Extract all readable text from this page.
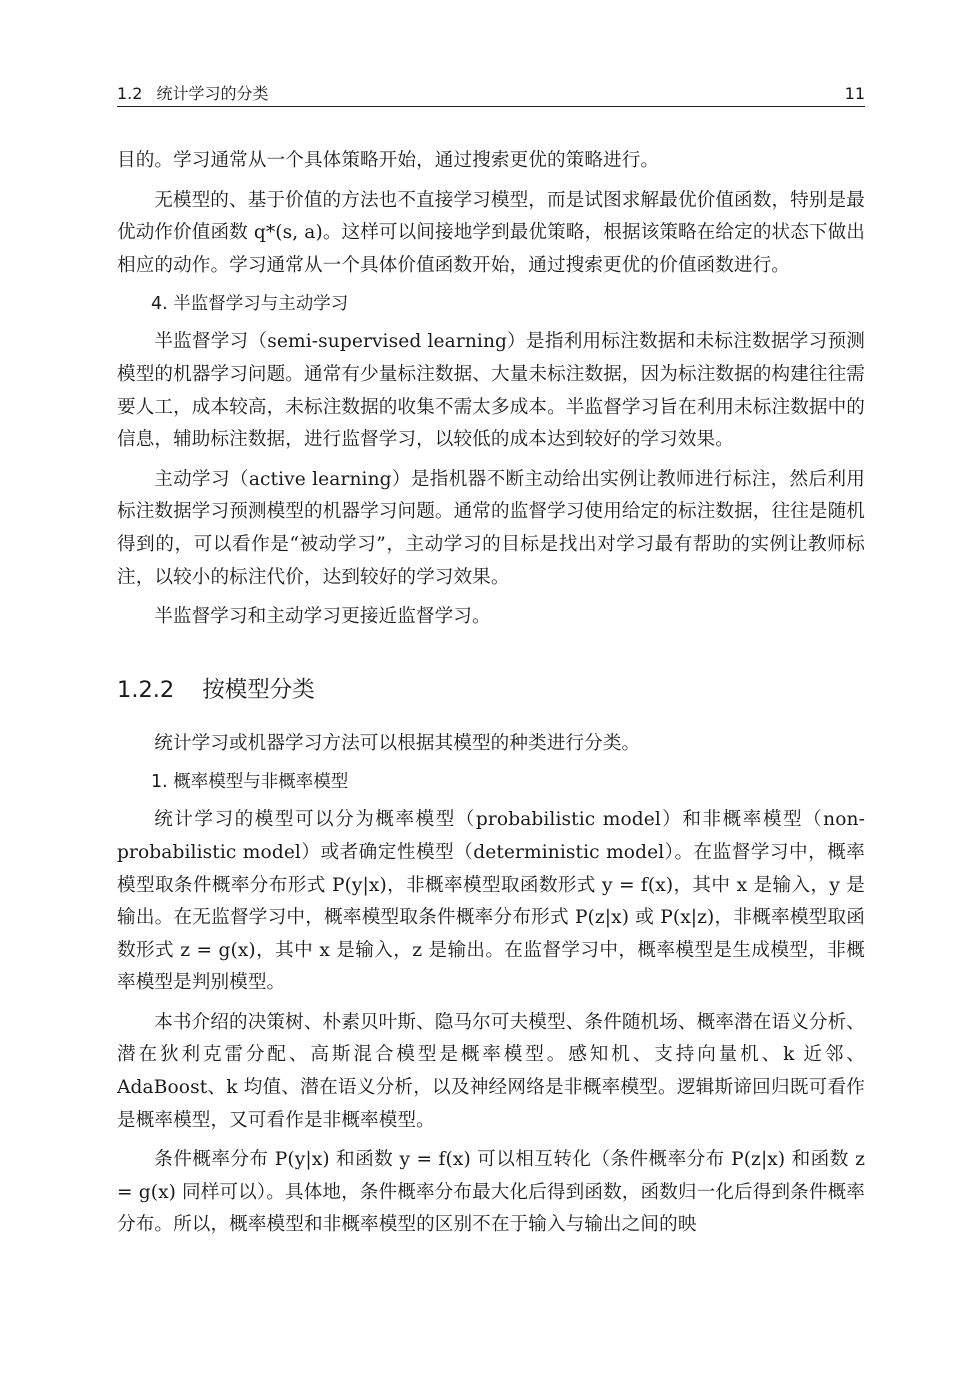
1.2 统计学习的分类	11

目的。学习通常从一个具体策略开始，通过搜索更优的策略进行。

无模型的、基于价值的方法也不直接学习模型，而是试图求解最优价值函数，特别是最优动作价值函数 q*(s, a)。这样可以间接地学到最优策略，根据该策略在给定的状态下做出相应的动作。学习通常从一个具体价值函数开始，通过搜索更优的价值函数进行。

4. 半监督学习与主动学习

半监督学习（semi-supervised learning）是指利用标注数据和未标注数据学习预测模型的机器学习问题。通常有少量标注数据、大量未标注数据，因为标注数据的构建往往需要人工，成本较高，未标注数据的收集不需太多成本。半监督学习旨在利用未标注数据中的信息，辅助标注数据，进行监督学习，以较低的成本达到较好的学习效果。

主动学习（active learning）是指机器不断主动给出实例让教师进行标注，然后利用标注数据学习预测模型的机器学习问题。通常的监督学习使用给定的标注数据，往往是随机得到的，可以看作是“被动学习”，主动学习的目标是找出对学习最有帮助的实例让教师标注，以较小的标注代价，达到较好的学习效果。

半监督学习和主动学习更接近监督学习。

1.2.2 按模型分类

统计学习或机器学习方法可以根据其模型的种类进行分类。

1. 概率模型与非概率模型

统计学习的模型可以分为概率模型（probabilistic model）和非概率模型（non-probabilistic model）或者确定性模型（deterministic model）。在监督学习中，概率模型取条件概率分布形式 P(y|x)，非概率模型取函数形式 y = f(x)，其中 x 是输入，y 是输出。在无监督学习中，概率模型取条件概率分布形式 P(z|x) 或 P(x|z)，非概率模型取函数形式 z = g(x)，其中 x 是输入，z 是输出。在监督学习中，概率模型是生成模型，非概率模型是判别模型。

本书介绍的决策树、朴素贝叶斯、隐马尔可夫模型、条件随机场、概率潜在语义分析、潜在狄利克雷分配、高斯混合模型是概率模型。感知机、支持向量机、k 近邻、AdaBoost、k 均值、潜在语义分析，以及神经网络是非概率模型。逻辑斯谛回归既可看作是概率模型，又可看作是非概率模型。

条件概率分布 P(y|x) 和函数 y = f(x) 可以相互转化（条件概率分布 P(z|x) 和函数 z = g(x) 同样可以）。具体地，条件概率分布最大化后得到函数，函数归一化后得到条件概率分布。所以，概率模型和非概率模型的区别不在于输入与输出之间的映
